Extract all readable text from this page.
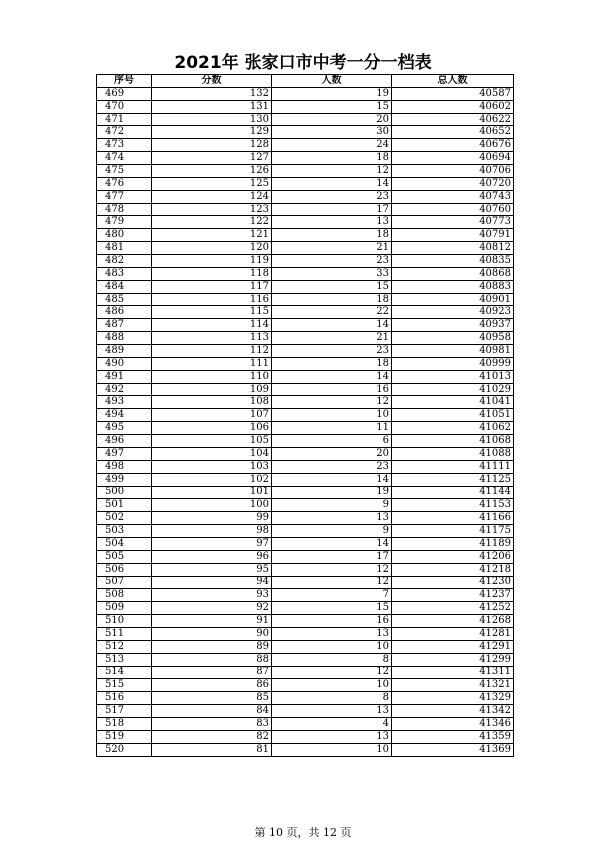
2021年 张家口市中考一分一档表
序号	分数	人数	总人数
469	132	19	40587
470	131	15	40602
471	130	20	40622
472	129	30	40652
473	128	24	40676
474	127	18	40694
475	126	12	40706
476	125	14	40720
477	124	23	40743
478	123	17	40760
479	122	13	40773
480	121	18	40791
481	120	21	40812
482	119	23	40835
483	118	33	40868
484	117	15	40883
485	116	18	40901
486	115	22	40923
487	114	14	40937
488	113	21	40958
489	112	23	40981
490	111	18	40999
491	110	14	41013
492	109	16	41029
493	108	12	41041
494	107	10	41051
495	106	11	41062
496	105	6	41068
497	104	20	41088
498	103	23	41111
499	102	14	41125
500	101	19	41144
501	100	9	41153
502	99	13	41166
503	98	9	41175
504	97	14	41189
505	96	17	41206
506	95	12	41218
507	94	12	41230
508	93	7	41237
509	92	15	41252
510	91	16	41268
511	90	13	41281
512	89	10	41291
513	88	8	41299
514	87	12	41311
515	86	10	41321
516	85	8	41329
517	84	13	41342
518	83	4	41346
519	82	13	41359
520	81	10	41369
第 10 页，共 12 页
